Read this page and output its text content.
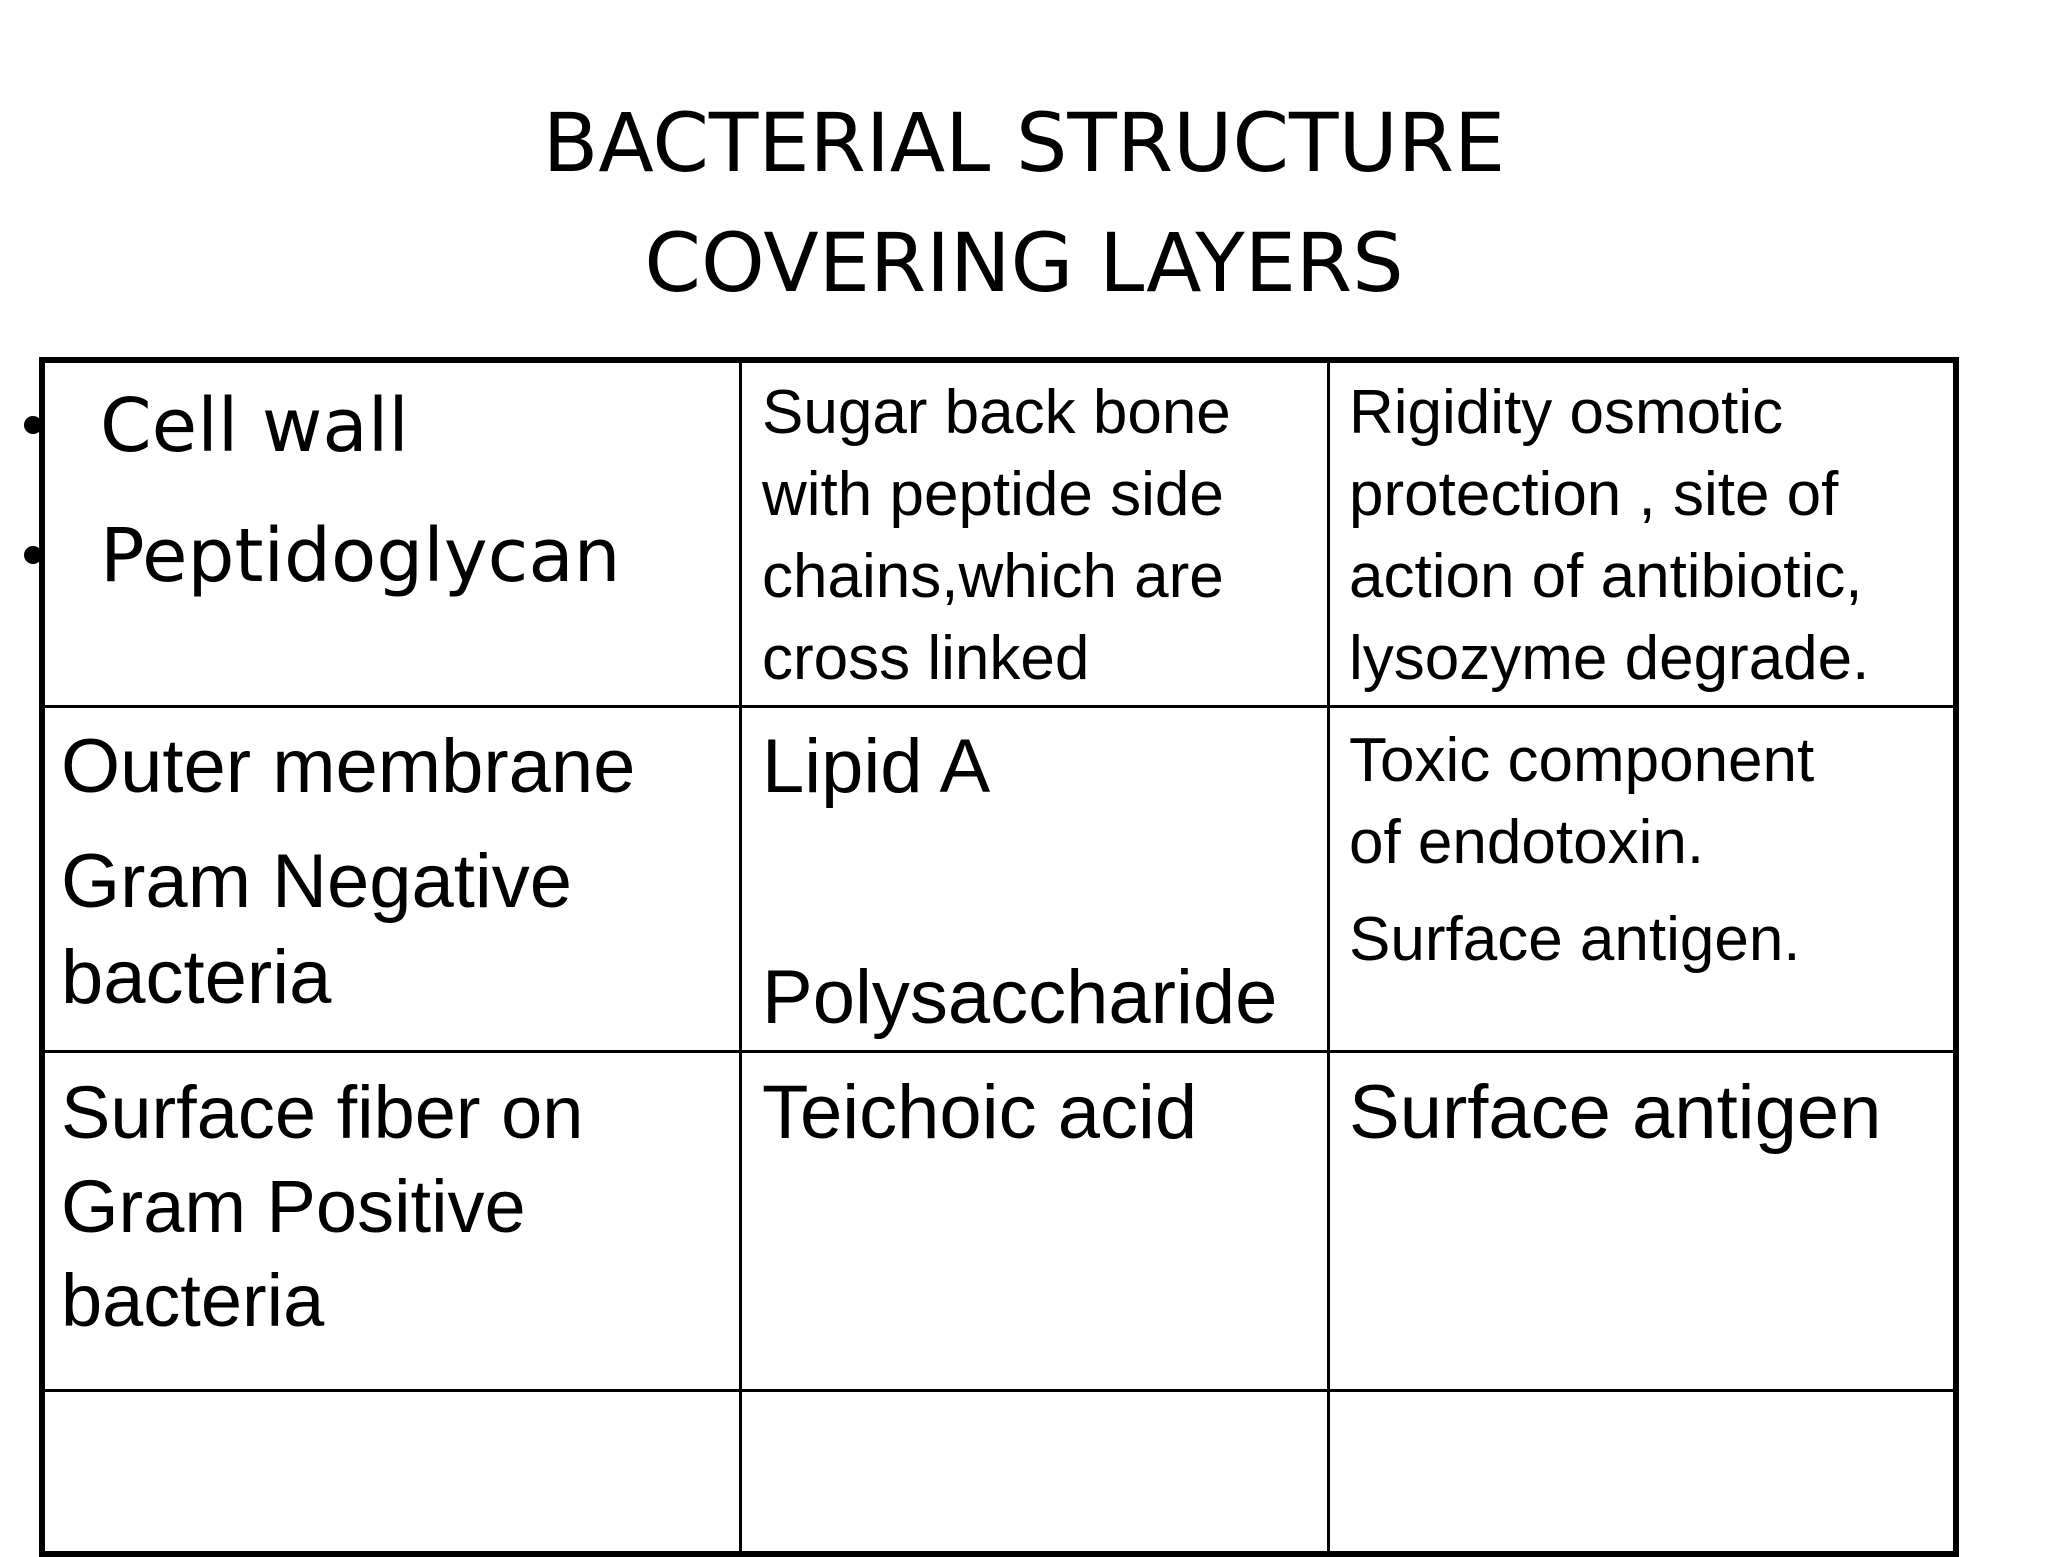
BACTERIAL STRUCTURE
COVERING LAYERS
Cell wall
Peptidoglycan
Sugar back bone
with peptide side
chains,which are
cross linked
Rigidity osmotic
protection , site of
action of antibiotic,
lysozyme degrade.
Outer membrane
Gram Negative
bacteria
Lipid A
Polysaccharide
Toxic component
of endotoxin.
Surface antigen.
Surface fiber on
Gram Positive
bacteria
Teichoic acid Surface antigen
